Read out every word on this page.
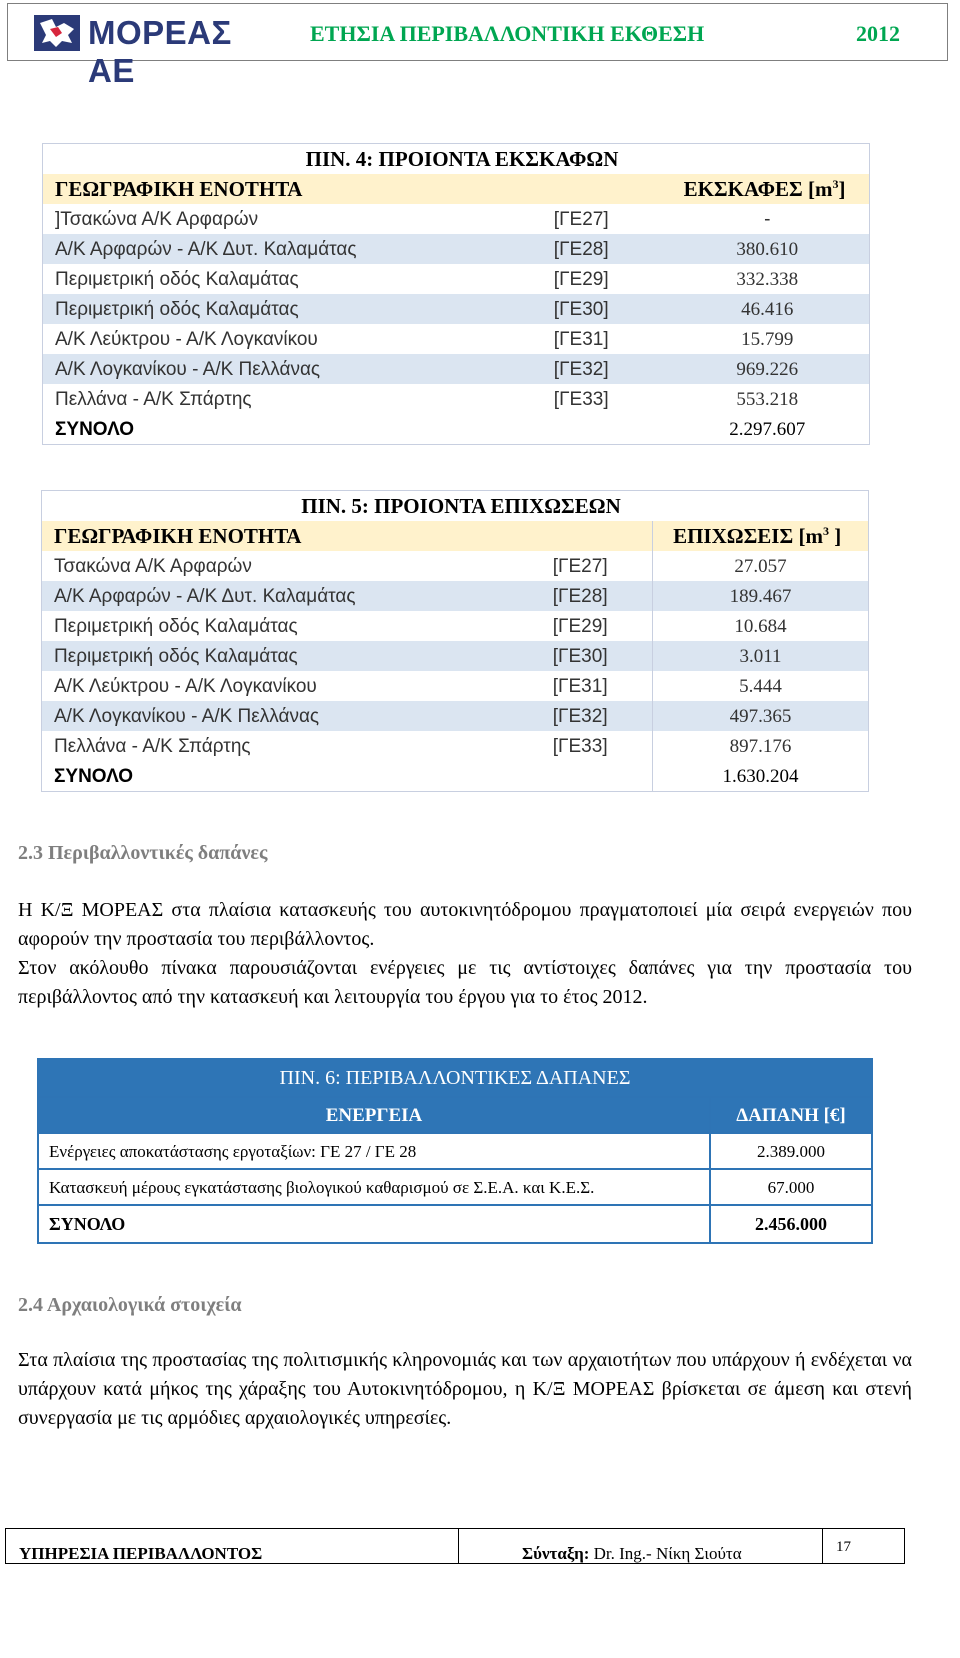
ΜΟΡΕΑΣ ΑΕ
ΕΤΗΣΙΑ ΠΕΡΙΒΑΛΛΟΝΤΙΚΗ ΕΚΘΕΣΗ	2012
ΠΙΝ. 4: ΠΡΟΙΟΝΤΑ ΕΚΣΚΑΦΩΝ		
ΓΕΩΓΡΑΦΙΚΗ ΕΝΟΤΗΤΑ		ΕΚΣΚΑΦΕΣ $[m^3]$
]Τσακώνα Α/Κ Αρφαρών	[ΓΕ27]	-
Α/Κ Αρφαρών - Α/Κ Δυτ. Καλαμάτας	[ΓΕ28]	380.610
Περιμετρική οδός Καλαμάτας	[ΓΕ29]	332.338
Περιμετρική οδός Καλαμάτας	[ΓΕ30]	46.416
Α/Κ Λεύκτρου - Α/Κ Λογκανίκου	[ΓΕ31]	15.799
Α/Κ Λογκανίκου - Α/Κ Πελλάνας	[ΓΕ32]	969.226
Πελλάνα - Α/Κ Σπάρτης	[ΓΕ33]	553.218
ΣΥΝΟΛΟ		2.297.607
ΠΙΝ. 5: ΠΡΟΙΟΝΤΑ ΕΠΙΧΩΣΕΩΝ		
ΓΕΩΓΡΑΦΙΚΗ ΕΝΟΤΗΤΑ		ΕΠΙΧΩΣΕΙΣ [$m^3$ ]
Τσακώνα Α/Κ Αρφαρών	[ΓΕ27]	27.057
Α/Κ Αρφαρών - Α/Κ Δυτ. Καλαμάτας	[ΓΕ28]	189.467
Περιμετρική οδός Καλαμάτας	[ΓΕ29]	10.684
Περιμετρική οδός Καλαμάτας	[ΓΕ30]	3.011
Α/Κ Λεύκτρου - Α/Κ Λογκανίκου	[ΓΕ31]	5.444
Α/Κ Λογκανίκου - Α/Κ Πελλάνας	[ΓΕ32]	497.365
Πελλάνα - Α/Κ Σπάρτης	[ΓΕ33]	897.176
ΣΥΝΟΛΟ		1.630.204
2.3 Περιβαλλοντικές δαπάνες

Η Κ/Ξ ΜΟΡΕΑΣ στα πλαίσια κατασκευής του αυτοκινητόδρομου πραγματοποιεί μία σειρά ενεργειών που αφορούν την προστασία του περιβάλλοντος.

Στον ακόλουθο πίνακα παρουσιάζονται ενέργειες με τις αντίστοιχες δαπάνες για την προστασία του περιβάλλοντος από την κατασκευή και λειτουργία του έργου για το έτος 2012.

ΠΙΝ. 6: ΠΕΡΙΒΑΛΛΟΝΤΙΚΕΣ ΔΑΠΑΝΕΣ	
ΕΝΕΡΓΕΙΑ	ΔΑΠΑΝΗ [€]
Ενέργειες αποκατάστασης εργοταξίων: ΓΕ 27 / ΓΕ 28	2.389.000
Κατασκευή μέρους εγκατάστασης βιολογικού καθαρισμού σε Σ.Ε.Α. και Κ.Ε.Σ.	67.000
ΣΥΝΟΛΟ	2.456.000
2.4 Αρχαιολογικά στοιχεία

Στα πλαίσια της προστασίας της πολιτισμικής κληρονομιάς και των αρχαιοτήτων που υπάρχουν ή ενδέχεται να υπάρχουν κατά μήκος της χάραξης του Αυτοκινητόδρομου, η Κ/Ξ ΜΟΡΕΑΣ βρίσκεται σε άμεση και στενή συνεργασία με τις αρμόδιες αρχαιολογικές υπηρεσίες.

ΥΠΗΡΕΣΙΑ ΠΕΡΙΒΑΛΛΟΝΤΟΣ	Σύνταξη: Dr. Ing.- Νίκη Σιούτα	17
